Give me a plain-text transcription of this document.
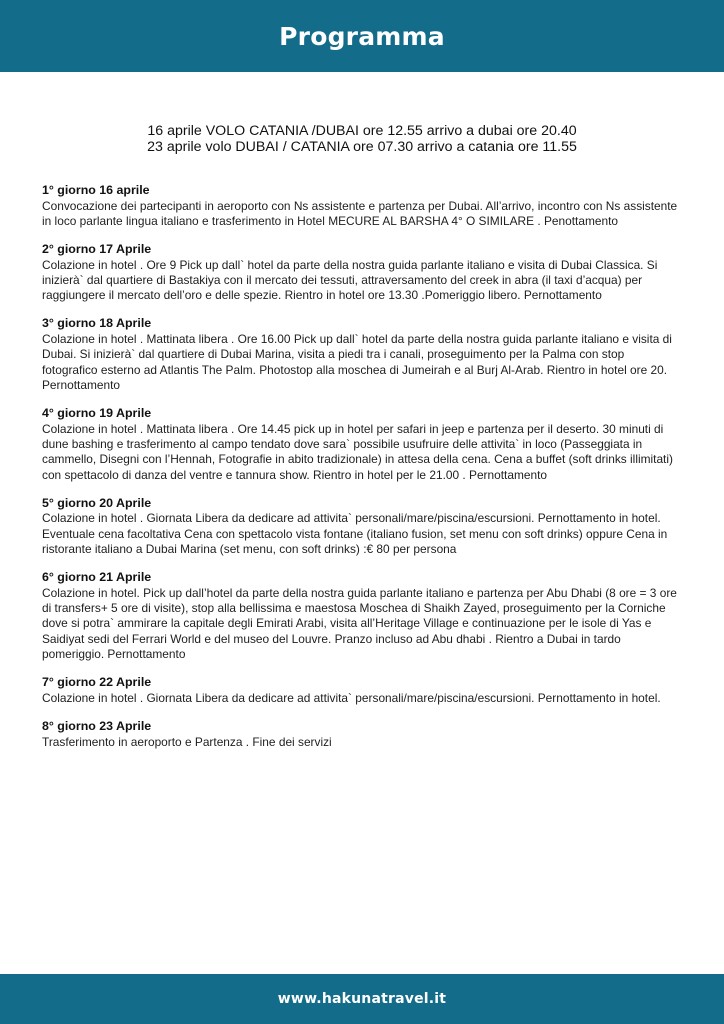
Programma
16 aprile VOLO CATANIA /DUBAI ore 12.55 arrivo a dubai ore 20.40
23 aprile volo DUBAI / CATANIA ore 07.30 arrivo a catania ore 11.55
1° giorno 16 aprile
Convocazione dei partecipanti in aeroporto con Ns assistente e partenza per Dubai. All’arrivo, incontro con Ns assistente in loco parlante lingua italiano e trasferimento in Hotel MECURE AL BARSHA 4° O SIMILARE . Penottamento
2° giorno 17 Aprile
Colazione in hotel . Ore 9 Pick up dall` hotel da parte della nostra guida parlante italiano e visita di Dubai Classica. Si inizierà` dal quartiere di Bastakiya con il mercato dei tessuti, attraversamento del creek in abra (il taxi d’acqua) per raggiungere il mercato dell’oro e delle spezie. Rientro in hotel ore 13.30 .Pomeriggio libero. Pernottamento
3° giorno 18 Aprile
Colazione in hotel . Mattinata libera . Ore 16.00 Pick up dall` hotel da parte della nostra guida parlante italiano e visita di Dubai. Si inizierà` dal quartiere di Dubai Marina, visita a piedi tra i canali, proseguimento per la Palma con stop fotografico esterno ad Atlantis The Palm. Photostop alla moschea di Jumeirah e al Burj Al-Arab. Rientro in hotel ore 20. Pernottamento
4° giorno 19 Aprile
Colazione in hotel . Mattinata libera . Ore 14.45 pick up in hotel per safari in jeep e partenza per il deserto. 30 minuti di dune bashing e trasferimento al campo tendato dove sara` possibile usufruire delle attivita` in loco (Passeggiata in cammello, Disegni con l’Hennah, Fotografie in abito tradizionale) in attesa della cena. Cena a buffet (soft drinks illimitati) con spettacolo di danza del ventre e tannura show. Rientro in hotel per le 21.00 . Pernottamento
5° giorno 20 Aprile
Colazione in hotel . Giornata Libera da dedicare ad attivita` personali/mare/piscina/escursioni. Pernottamento in hotel. Eventuale cena facoltativa Cena con spettacolo vista fontane (italiano fusion, set menu con soft drinks) oppure Cena in ristorante italiano a Dubai Marina (set menu, con soft drinks) :€ 80 per persona
6° giorno 21 Aprile
Colazione in hotel. Pick up dall’hotel da parte della nostra guida parlante italiano e partenza per Abu Dhabi (8 ore = 3 ore di transfers+ 5 ore di visite), stop alla bellissima e maestosa Moschea di Shaikh Zayed, proseguimento per la Corniche dove si potra` ammirare la capitale degli Emirati Arabi, visita all’Heritage Village e continuazione per le isole di Yas e Saidiyat sedi del Ferrari World e del museo del Louvre. Pranzo incluso ad Abu dhabi . Rientro a Dubai in tardo pomeriggio. Pernottamento
7° giorno 22 Aprile
Colazione in hotel . Giornata Libera da dedicare ad attivita` personali/mare/piscina/escursioni. Pernottamento in hotel.
8° giorno 23 Aprile
Trasferimento in aeroporto e Partenza . Fine dei servizi
www.hakunatravel.it
